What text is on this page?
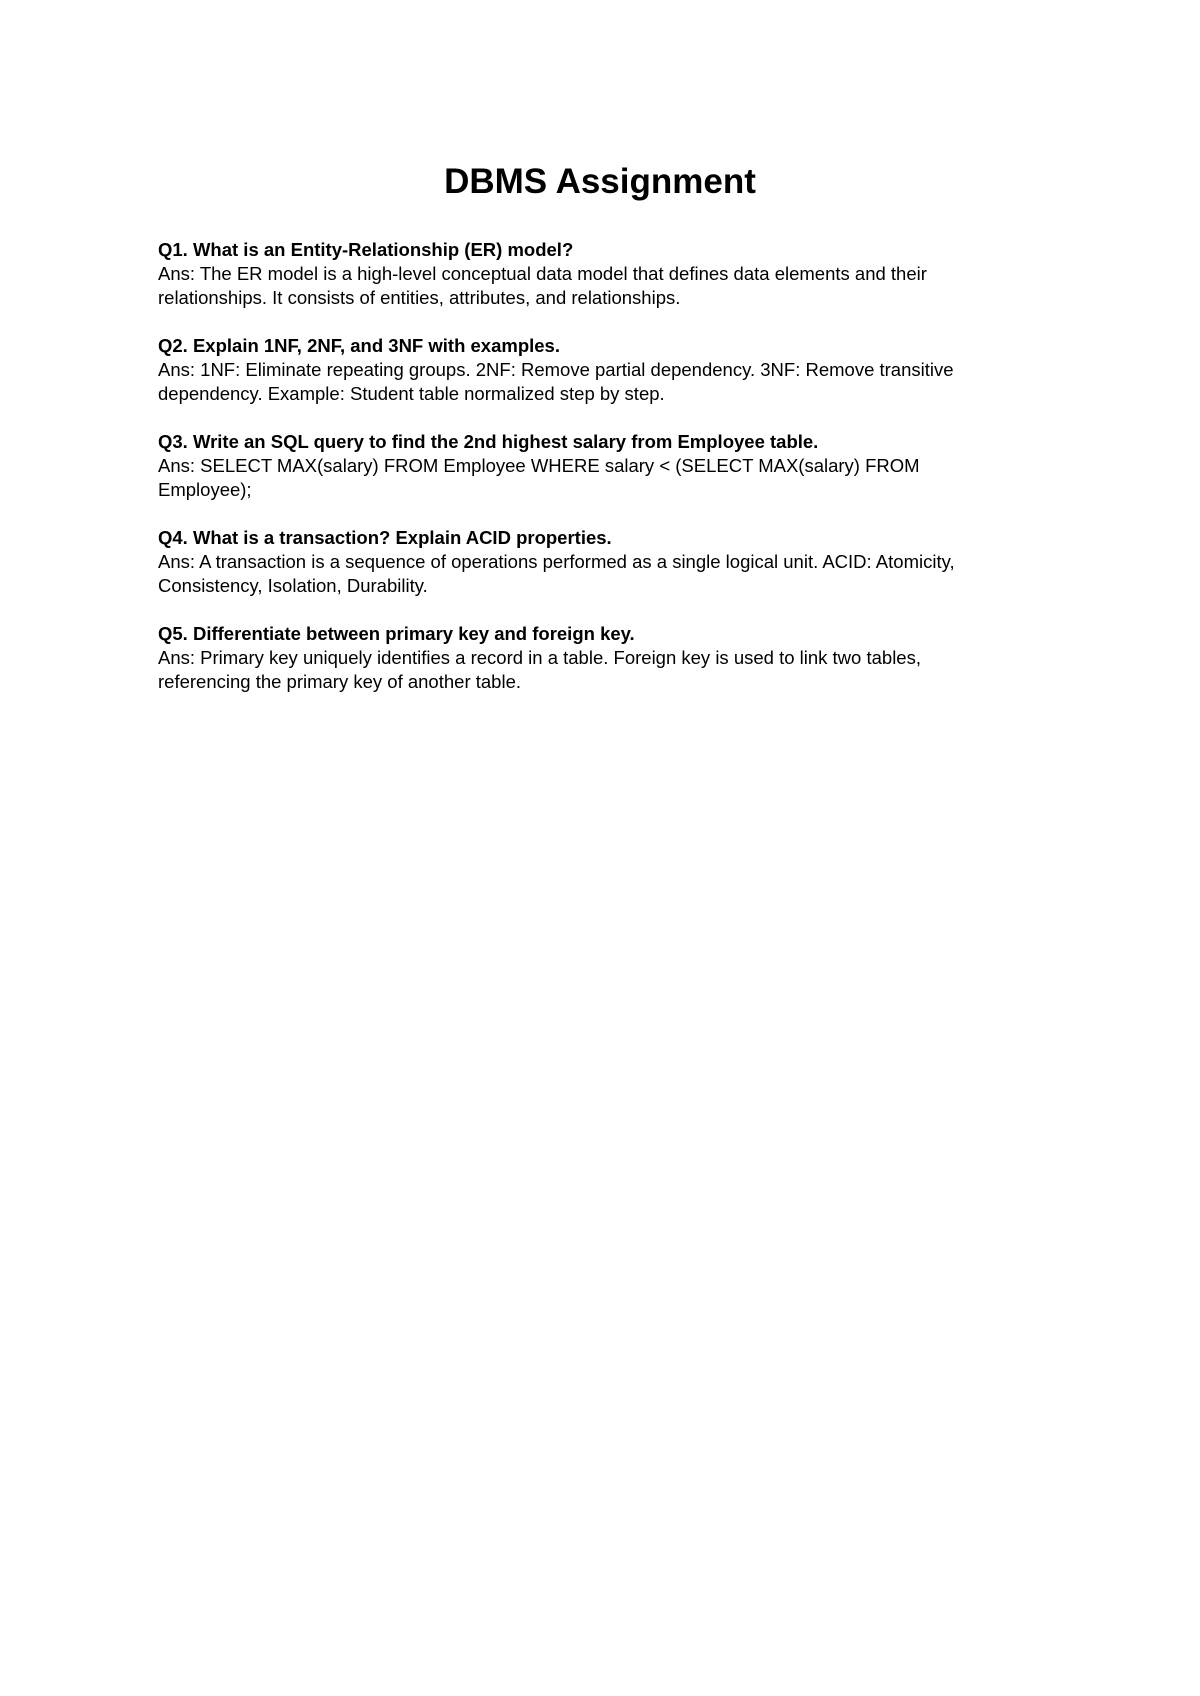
DBMS Assignment

Q1. What is an Entity-Relationship (ER) model?

Ans: The ER model is a high-level conceptual data model that defines data elements and their
relationships. It consists of entities, attributes, and relationships.

Q2. Explain 1NF, 2NF, and 3NF with examples.

Ans: 1NF: Eliminate repeating groups. 2NF: Remove partial dependency. 3NF: Remove transitive
dependency. Example: Student table normalized step by step.

Q3. Write an SQL query to find the 2nd highest salary from Employee table.

Ans: SELECT MAX(salary) FROM Employee WHERE salary < (SELECT MAX(salary) FROM
Employee);

Q4. What is a transaction? Explain ACID properties.

Ans: A transaction is a sequence of operations performed as a single logical unit. ACID: Atomicity,
Consistency, Isolation, Durability.

Q5. Differentiate between primary key and foreign key.

Ans: Primary key uniquely identifies a record in a table. Foreign key is used to link two tables,
referencing the primary key of another table.
